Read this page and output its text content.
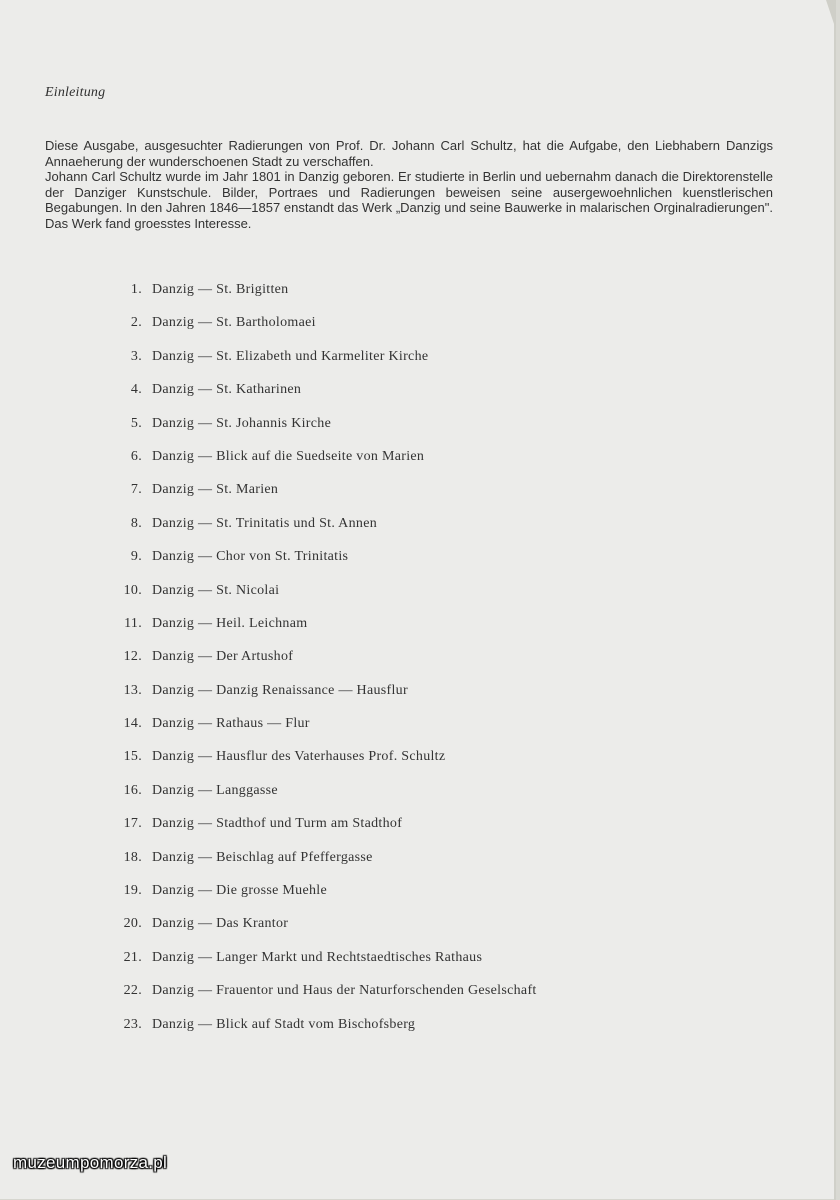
Einleitung

Diese Ausgabe, ausgesuchter Radierungen von Prof. Dr. Johann Carl Schultz, hat die Aufgabe, den Liebhabern Danzigs Annaeherung der wunderschoenen Stadt zu verschaffen.

Johann Carl Schultz wurde im Jahr 1801 in Danzig geboren. Er studierte in Berlin und uebernahm danach die Direktorenstelle der Danziger Kunstschule. Bilder, Portraes und Radierungen beweisen seine ausergewoehnlichen kuenstlerischen Begabungen. In den Jahren 1846—1857 enstandt das Werk „Danzig und seine Bauwerke in malarischen Orginalradierungen". Das Werk fand groesstes Interesse.

1. Danzig — St. Brigitten
2. Danzig — St. Bartholomaei
3. Danzig — St. Elizabeth und Karmeliter Kirche
4. Danzig — St. Katharinen
5. Danzig — St. Johannis Kirche
6. Danzig — Blick auf die Suedseite von Marien
7. Danzig — St. Marien
8. Danzig — St. Trinitatis und St. Annen
9. Danzig — Chor von St. Trinitatis
10. Danzig — St. Nicolai
11. Danzig — Heil. Leichnam
12. Danzig — Der Artushof
13. Danzig — Danzig Renaissance — Hausflur
14. Danzig — Rathaus — Flur
15. Danzig — Hausflur des Vaterhauses Prof. Schultz
16. Danzig — Langgasse
17. Danzig — Stadthof und Turm am Stadthof
18. Danzig — Beischlag auf Pfeffergasse
19. Danzig — Die grosse Muehle
20. Danzig — Das Krantor
21. Danzig — Langer Markt und Rechtstaedtisches Rathaus
22. Danzig — Frauentor und Haus der Naturforschenden Geselschaft
23. Danzig — Blick auf Stadt vom Bischofsberg
muzeumpomorza.pl
